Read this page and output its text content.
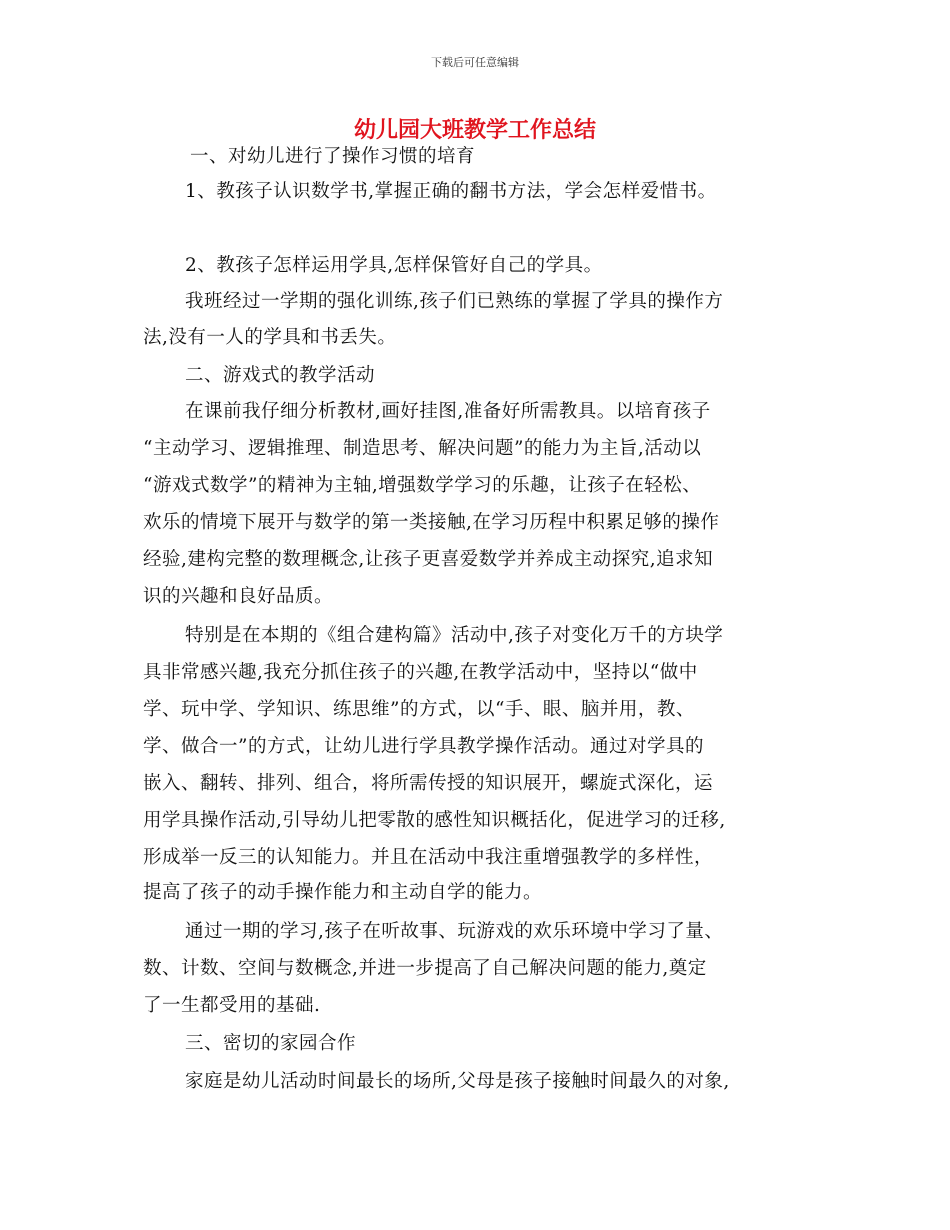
下载后可任意编辑
幼儿园大班教学工作总结
一、对幼儿进行了操作习惯的培育
1、教孩子认识数学书,掌握正确的翻书方法，学会怎样爱惜书。
2、教孩子怎样运用学具,怎样保管好自己的学具。
我班经过一学期的强化训练,孩子们已熟练的掌握了学具的操作方
法,没有一人的学具和书丢失。
二、游戏式的教学活动
在课前我仔细分析教材,画好挂图,准备好所需教具。以培育孩子
“主动学习、逻辑推理、制造思考、解决问题”的能力为主旨,活动以
“游戏式数学”的精神为主轴,增强数学学习的乐趣，让孩子在轻松、
欢乐的情境下展开与数学的第一类接触,在学习历程中积累足够的操作
经验,建构完整的数理概念,让孩子更喜爱数学并养成主动探究,追求知
识的兴趣和良好品质。
特别是在本期的《组合建构篇》活动中,孩子对变化万千的方块学
具非常感兴趣,我充分抓住孩子的兴趣,在教学活动中，坚持以“做中
学、玩中学、学知识、练思维”的方式，以“手、眼、脑并用，教、
学、做合一”的方式，让幼儿进行学具教学操作活动。通过对学具的
嵌入、翻转、排列、组合，将所需传授的知识展开，螺旋式深化，运
用学具操作活动,引导幼儿把零散的感性知识概括化，促进学习的迁移,
形成举一反三的认知能力。并且在活动中我注重增强教学的多样性，
提高了孩子的动手操作能力和主动自学的能力。
通过一期的学习,孩子在听故事、玩游戏的欢乐环境中学习了量、
数、计数、空间与数概念,并进一步提高了自己解决问题的能力,奠定
了一生都受用的基础.
三、密切的家园合作
家庭是幼儿活动时间最长的场所,父母是孩子接触时间最久的对象,
